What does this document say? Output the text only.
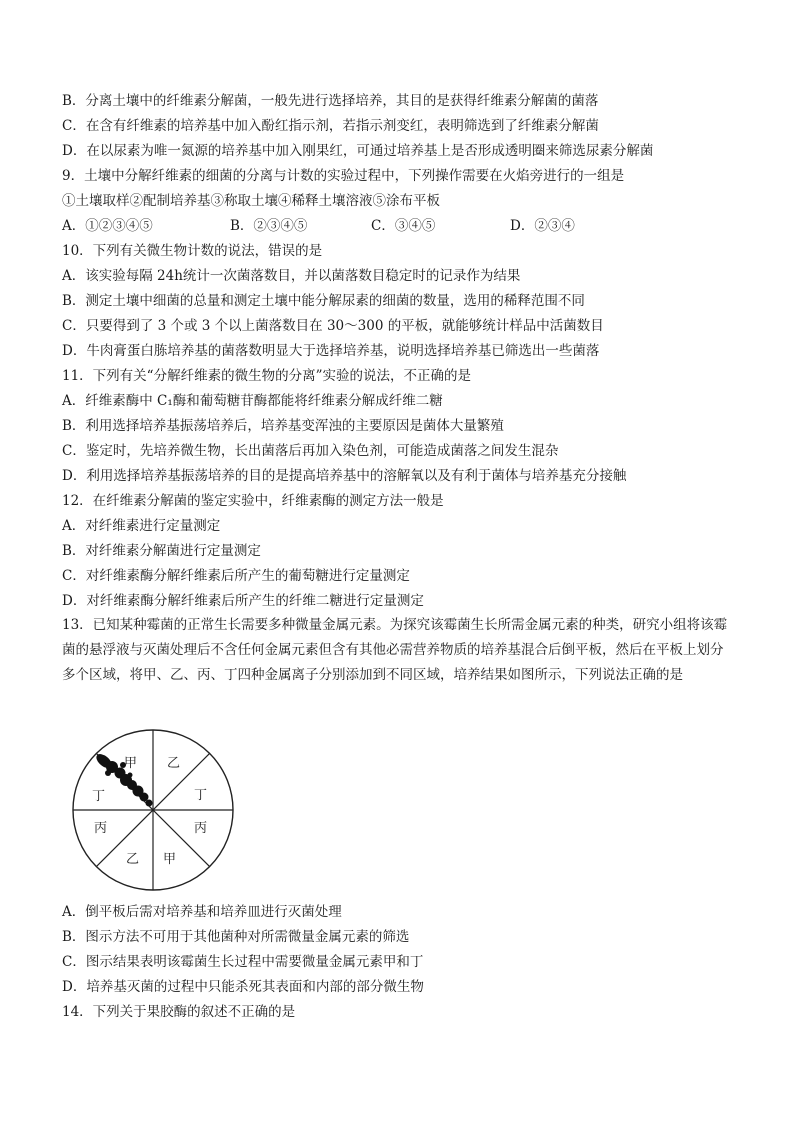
B．分离土壤中的纤维素分解菌，一般先进行选择培养，其目的是获得纤维素分解菌的菌落
C．在含有纤维素的培养基中加入酚红指示剂，若指示剂变红，表明筛选到了纤维素分解菌
D．在以尿素为唯一氮源的培养基中加入刚果红，可通过培养基上是否形成透明圈来筛选尿素分解菌
9．土壤中分解纤维素的细菌的分离与计数的实验过程中，下列操作需要在火焰旁进行的一组是
①土壤取样②配制培养基③称取土壤④稀释土壤溶液⑤涂布平板
A．①②③④⑤	B．②③④⑤	C．③④⑤	D．②③④
10．下列有关微生物计数的说法，错误的是
A．该实验每隔 24h统计一次菌落数目，并以菌落数目稳定时的记录作为结果
B．测定土壤中细菌的总量和测定土壤中能分解尿素的细菌的数量，选用的稀释范围不同
C．只要得到了 3 个或 3 个以上菌落数目在 30～300 的平板，就能够统计样品中活菌数目
D．牛肉膏蛋白胨培养基的菌落数明显大于选择培养基，说明选择培养基已筛选出一些菌落
11．下列有关“分解纤维素的微生物的分离”实验的说法，不正确的是
A．纤维素酶中 C₁酶和葡萄糖苷酶都能将纤维素分解成纤维二糖
B．利用选择培养基振荡培养后，培养基变浑浊的主要原因是菌体大量繁殖
C．鉴定时，先培养微生物，长出菌落后再加入染色剂，可能造成菌落之间发生混杂
D．利用选择培养基振荡培养的目的是提高培养基中的溶解氧以及有利于菌体与培养基充分接触
12．在纤维素分解菌的鉴定实验中，纤维素酶的测定方法一般是
A．对纤维素进行定量测定
B．对纤维素分解菌进行定量测定
C．对纤维素酶分解纤维素后所产生的葡萄糖进行定量测定
D．对纤维素酶分解纤维素后所产生的纤维二糖进行定量测定
13．已知某种霉菌的正常生长需要多种微量金属元素。为探究该霉菌生长所需金属元素的种类，研究小组将该霉菌的悬浮液与灭菌处理后不含任何金属元素但含有其他必需营养物质的培养基混合后倒平板，然后在平板上划分多个区域，将甲、乙、丙、丁四种金属离子分别添加到不同区域，培养结果如图所示，下列说法正确的是
甲 乙
丁
丙
甲
乙
丙
丁
A．倒平板后需对培养基和培养皿进行灭菌处理
B．图示方法不可用于其他菌种对所需微量金属元素的筛选
C．图示结果表明该霉菌生长过程中需要微量金属元素甲和丁
D．培养基灭菌的过程中只能杀死其表面和内部的部分微生物
14．下列关于果胶酶的叙述不正确的是
